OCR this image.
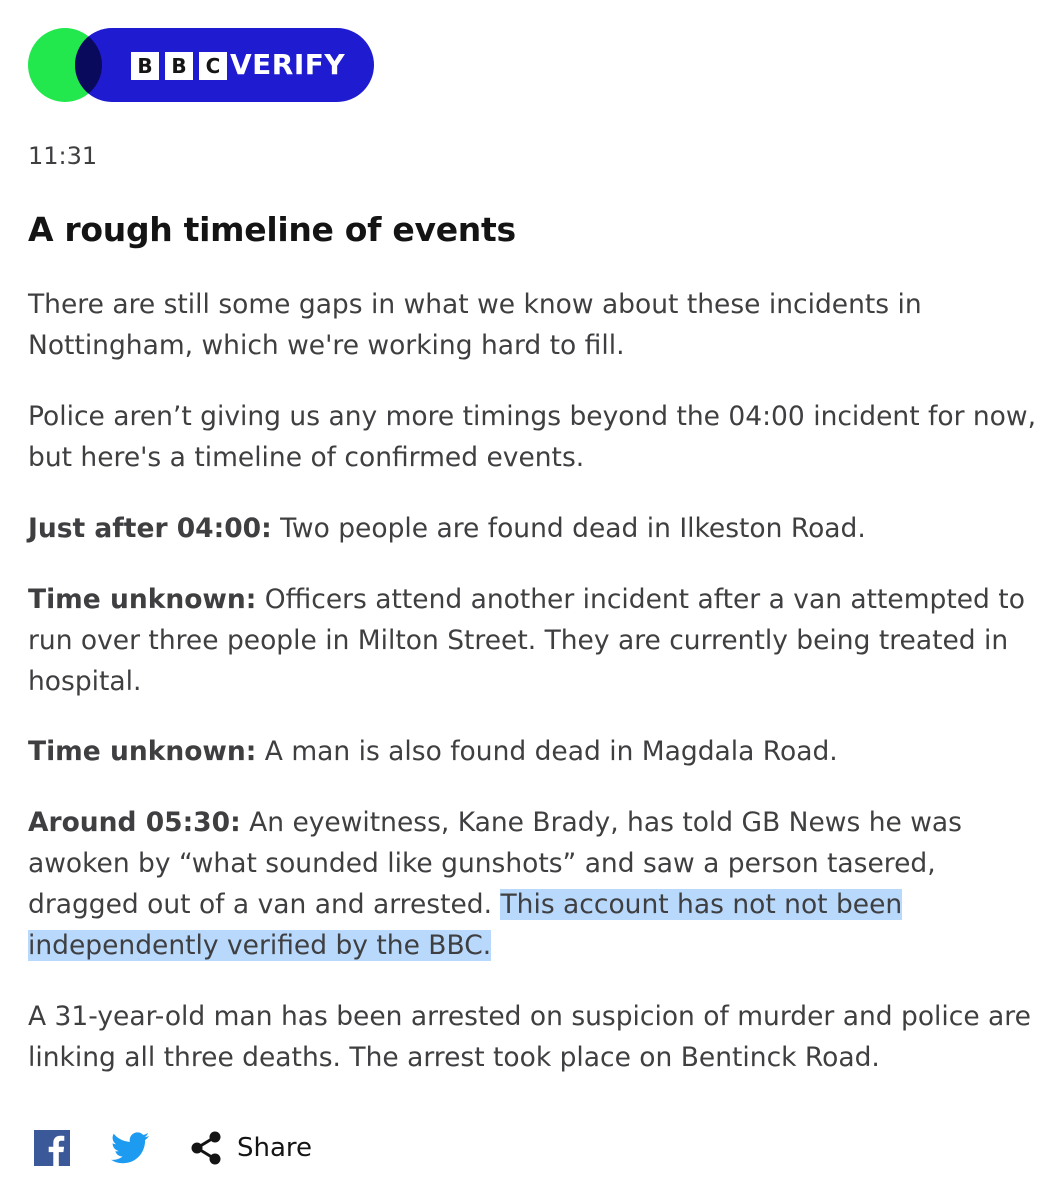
B B C VERIFY
11:31
A rough timeline of events

There are still some gaps in what we know about these incidents in Nottingham, which we're working hard to fill.

Police aren’t giving us any more timings beyond the 04:00 incident for now, but here's a timeline of confirmed events.

Just after 04:00: Two people are found dead in Ilkeston Road.

Time unknown: Officers attend another incident after a van attempted to run over three people in Milton Street. They are currently being treated in hospital.

Time unknown: A man is also found dead in Magdala Road.

Around 05:30: An eyewitness, Kane Brady, has told GB News he was awoken by “what sounded like gunshots” and saw a person tasered, dragged out of a van and arrested. This account has not not been independently verified by the BBC.

A 31-year-old man has been arrested on suspicion of murder and police are linking all three deaths. The arrest took place on Bentinck Road.

Share
